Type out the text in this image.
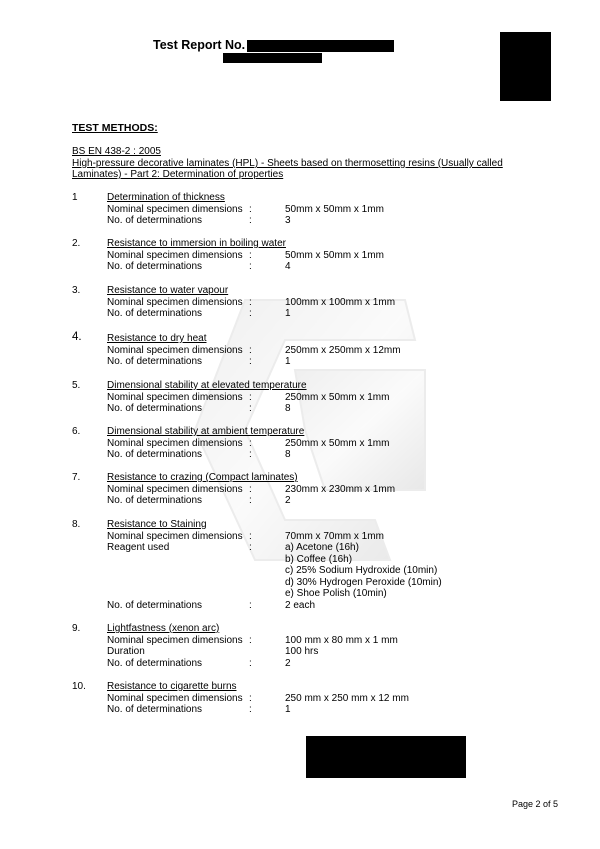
Test Report No.
TEST METHODS:
BS EN 438-2 : 2005
High-pressure decorative laminates (HPL) - Sheets based on thermosetting resins (Usually called
Laminates) - Part 2: Determination of properties
1	Determination of thickness
Nominal specimen dimensions :	50mm x 50mm x 1mm
No. of determinations	:	3
2.	Resistance to immersion in boiling water
Nominal specimen dimensions :	50mm x 50mm x 1mm
No. of determinations	:	4
3.	Resistance to water vapour
Nominal specimen dimensions :	100mm x 100mm x 1mm
No. of determinations	:	1
4.	Resistance to dry heat
Nominal specimen dimensions :	250mm x 250mm x 12mm
No. of determinations	:	1
5.	Dimensional stability at elevated temperature
Nominal specimen dimensions :	250mm x 50mm x 1mm
No. of determinations	:	8
6.	Dimensional stability at ambient temperature
Nominal specimen dimensions :	250mm x 50mm x 1mm
No. of determinations	:	8
7.	Resistance to crazing (Compact laminates)
Nominal specimen dimensions :	230mm x 230mm x 1mm
No. of determinations	:	2
8.	Resistance to Staining
Nominal specimen dimensions :	70mm x 70mm x 1mm
Reagent used	:	a) Acetone (16h)
b) Coffee (16h)
c) 25% Sodium Hydroxide (10min)
d) 30% Hydrogen Peroxide (10min)
e) Shoe Polish (10min)
No. of determinations	:	2 each
9.	Lightfastness (xenon arc)
Nominal specimen dimensions :	100 mm x 80 mm x 1 mm
Duration	100 hrs
No. of determinations	:	2
10. Resistance to cigarette burns
Nominal specimen dimensions :	250 mm x 250 mm x 12 mm
No. of determinations	:	1
Page 2 of 5
